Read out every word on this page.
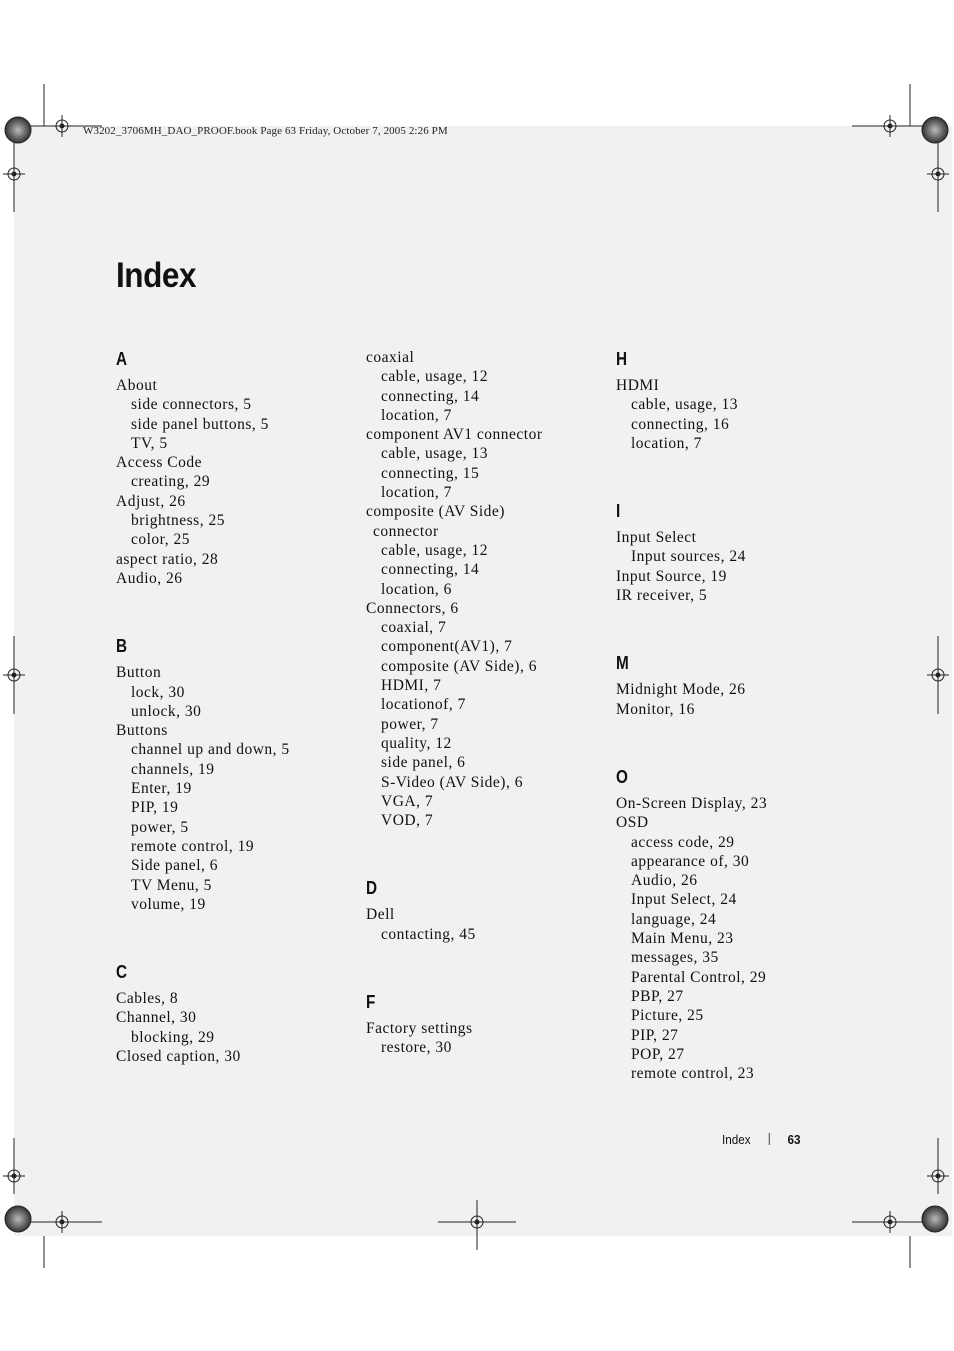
W3202_3706MH_DAO_PROOF.book Page 63 Friday, October 7, 2005 2:26 PM
Index
A
About
side connectors, 5
side panel buttons, 5
TV, 5
Access Code
creating, 29
Adjust, 26
brightness, 25
color, 25
aspect ratio, 28
Audio, 26
B
Button
lock, 30
unlock, 30
Buttons
channel up and down, 5
channels, 19
Enter, 19
PIP, 19
power, 5
remote control, 19
Side panel, 6
TV Menu, 5
volume, 19
C
Cables, 8
Channel, 30
blocking, 29
Closed caption, 30
coaxial
cable, usage, 12
connecting, 14
location, 7
component AV1 connector
cable, usage, 13
connecting, 15
location, 7
composite (AV Side)
connector
cable, usage, 12
connecting, 14
location, 6
Connectors, 6
coaxial, 7
component(AV1), 7
composite (AV Side), 6
HDMI, 7
locationof, 7
power, 7
quality, 12
side panel, 6
S-Video (AV Side), 6
VGA, 7
VOD, 7
D
Dell
contacting, 45
F
Factory settings
restore, 30
H
HDMI
cable, usage, 13
connecting, 16
location, 7
I
Input Select
Input sources, 24
Input Source, 19
IR receiver, 5
M
Midnight Mode, 26
Monitor, 16
O
On-Screen Display, 23
OSD
access code, 29
appearance of, 30
Audio, 26
Input Select, 24
language, 24
Main Menu, 23
messages, 35
Parental Control, 29
PBP, 27
Picture, 25
PIP, 27
POP, 27
remote control, 23
Index	63
